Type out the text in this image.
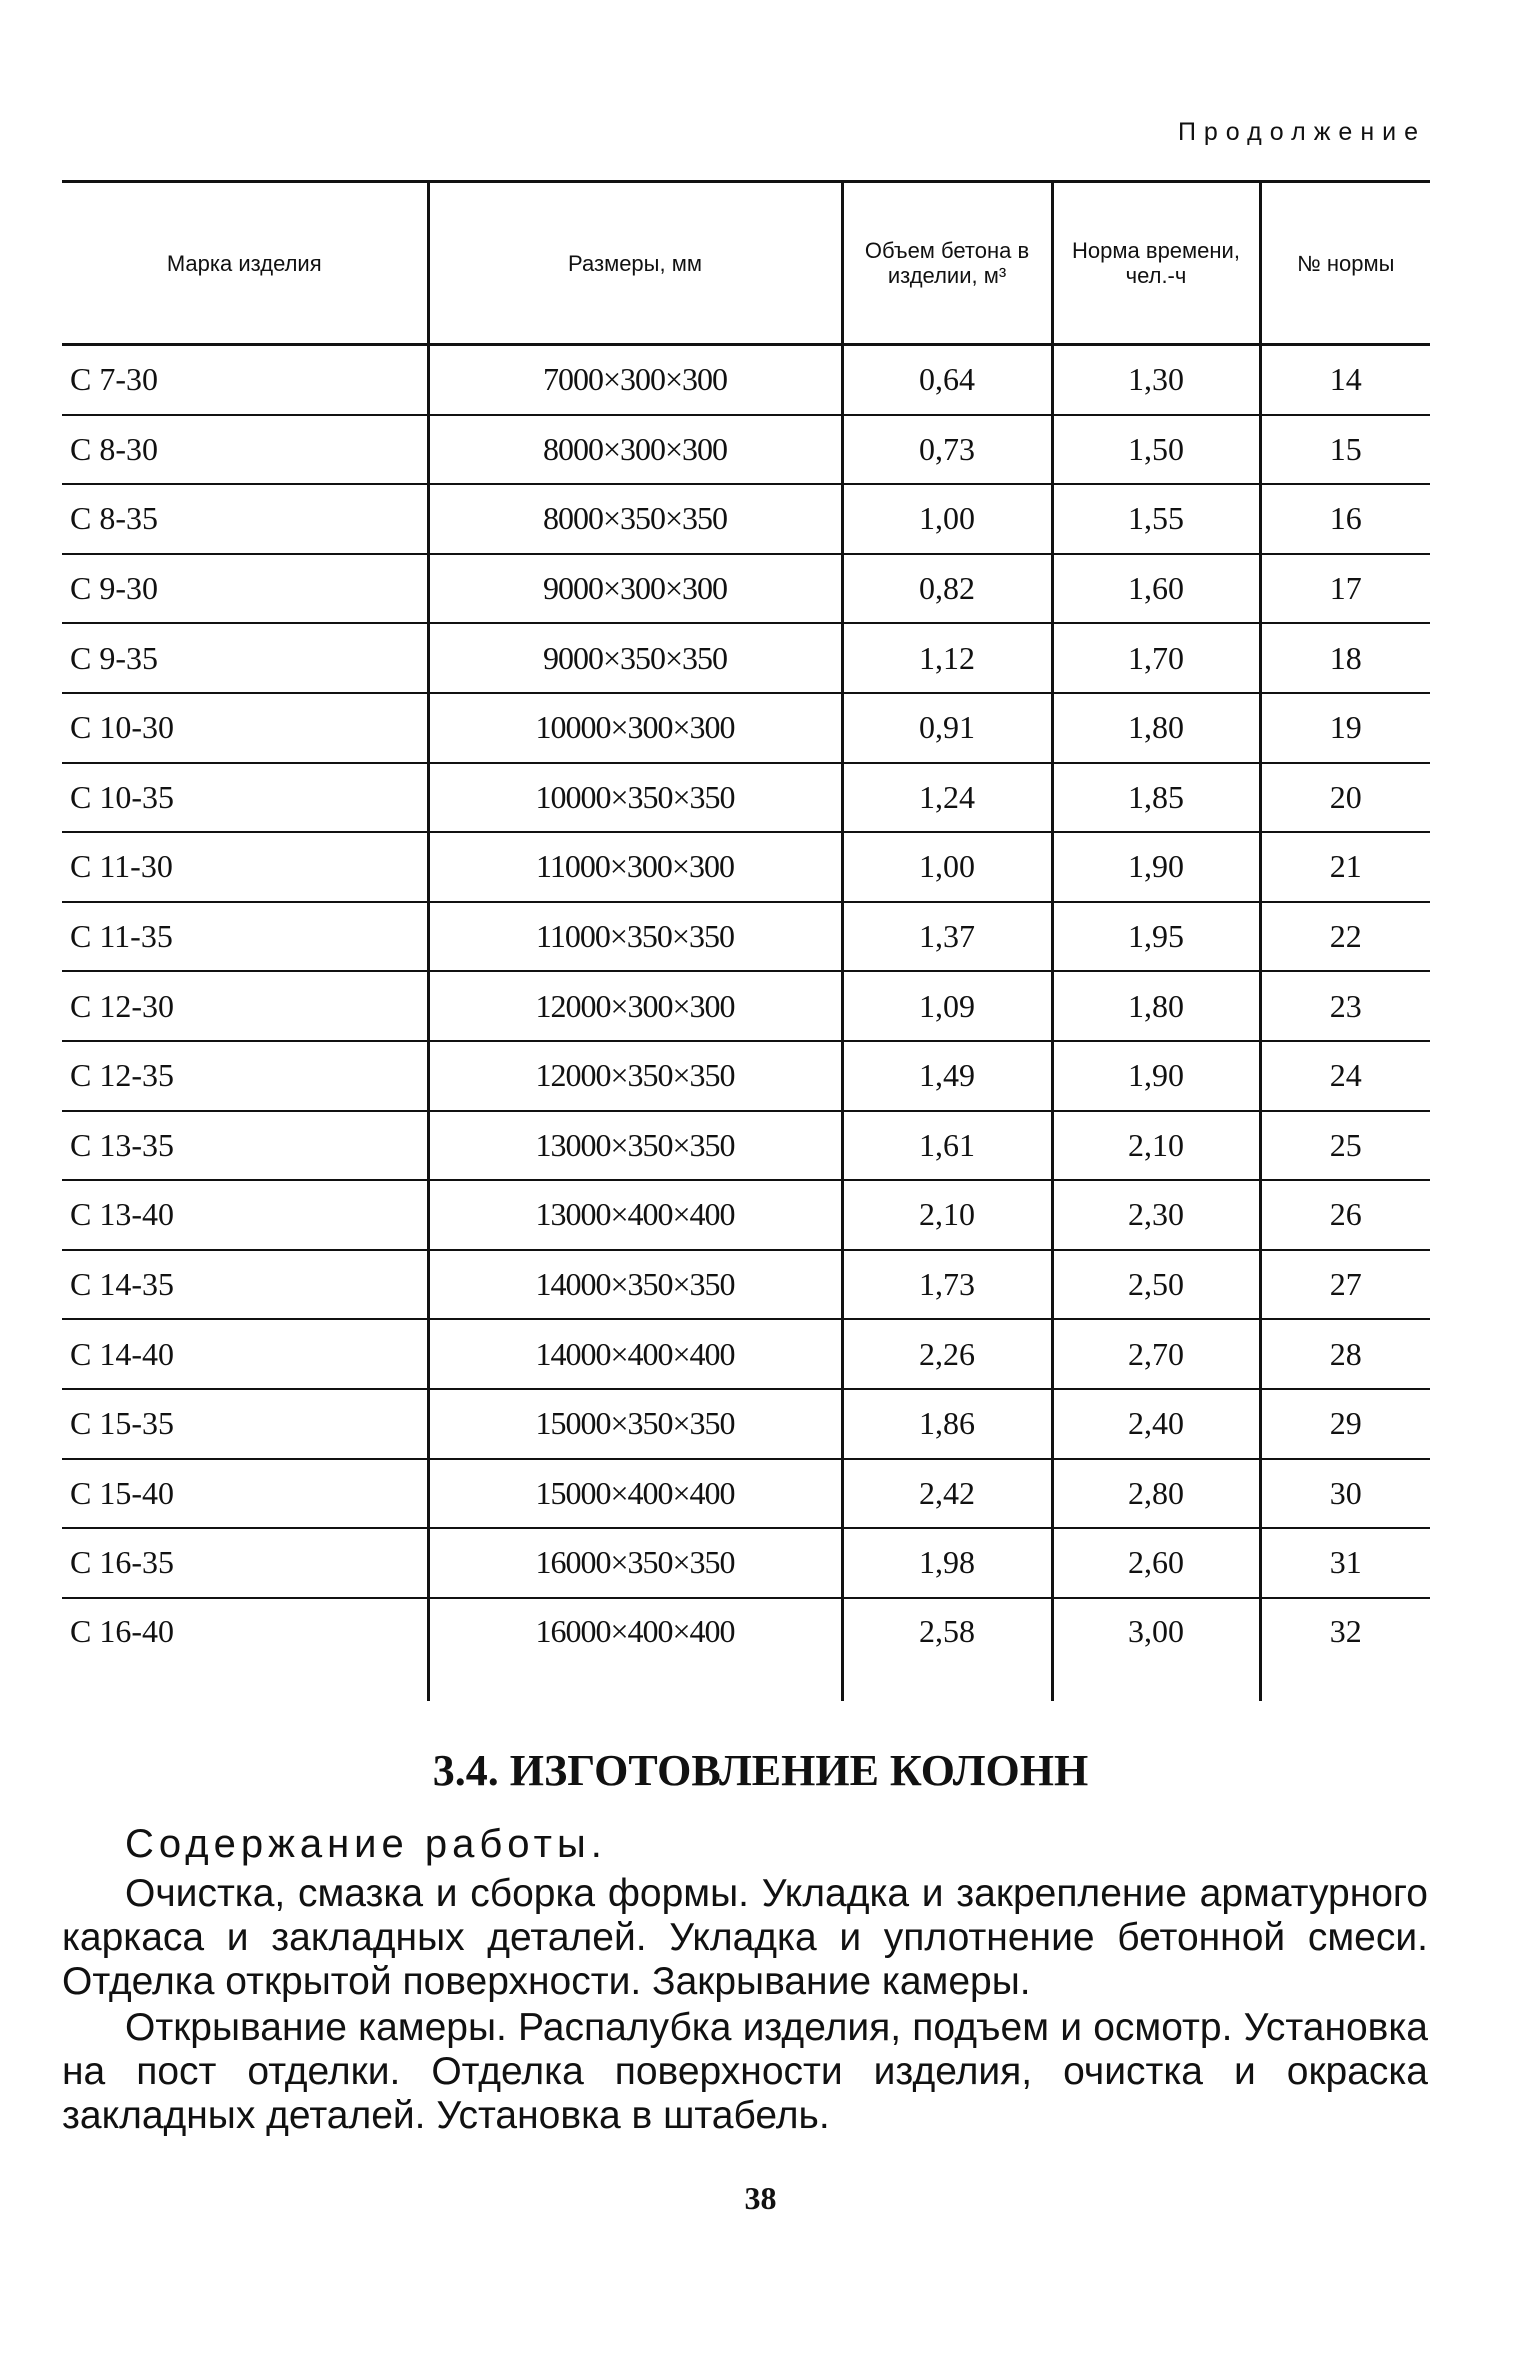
Продолжение
Марка изделия	Размеры, мм	Объем бетона в изделии, м³	Норма времени, чел.-ч	№ нормы
С 7-30	7000×300×300	0,64	1,30	14
С 8-30	8000×300×300	0,73	1,50	15
С 8-35	8000×350×350	1,00	1,55	16
С 9-30	9000×300×300	0,82	1,60	17
С 9-35	9000×350×350	1,12	1,70	18
С 10-30	10000×300×300	0,91	1,80	19
С 10-35	10000×350×350	1,24	1,85	20
С 11-30	11000×300×300	1,00	1,90	21
С 11-35	11000×350×350	1,37	1,95	22
С 12-30	12000×300×300	1,09	1,80	23
С 12-35	12000×350×350	1,49	1,90	24
С 13-35	13000×350×350	1,61	2,10	25
С 13-40	13000×400×400	2,10	2,30	26
С 14-35	14000×350×350	1,73	2,50	27
С 14-40	14000×400×400	2,26	2,70	28
С 15-35	15000×350×350	1,86	2,40	29
С 15-40	15000×400×400	2,42	2,80	30
С 16-35	16000×350×350	1,98	2,60	31
С 16-40	16000×400×400	2,58	3,00	32
3.4. ИЗГОТОВЛЕНИЕ КОЛОНН
Содержание работы.
Очистка, смазка и сборка формы. Укладка и закрепление арматурного каркаса и закладных деталей. Укладка и уплотнение бетонной смеси. Отделка открытой поверхности. Закрывание камеры.
Открывание камеры. Распалубка изделия, подъем и осмотр. Установка на пост отделки. Отделка поверхности изделия, очистка и окраска закладных деталей. Установка в штабель.
38
